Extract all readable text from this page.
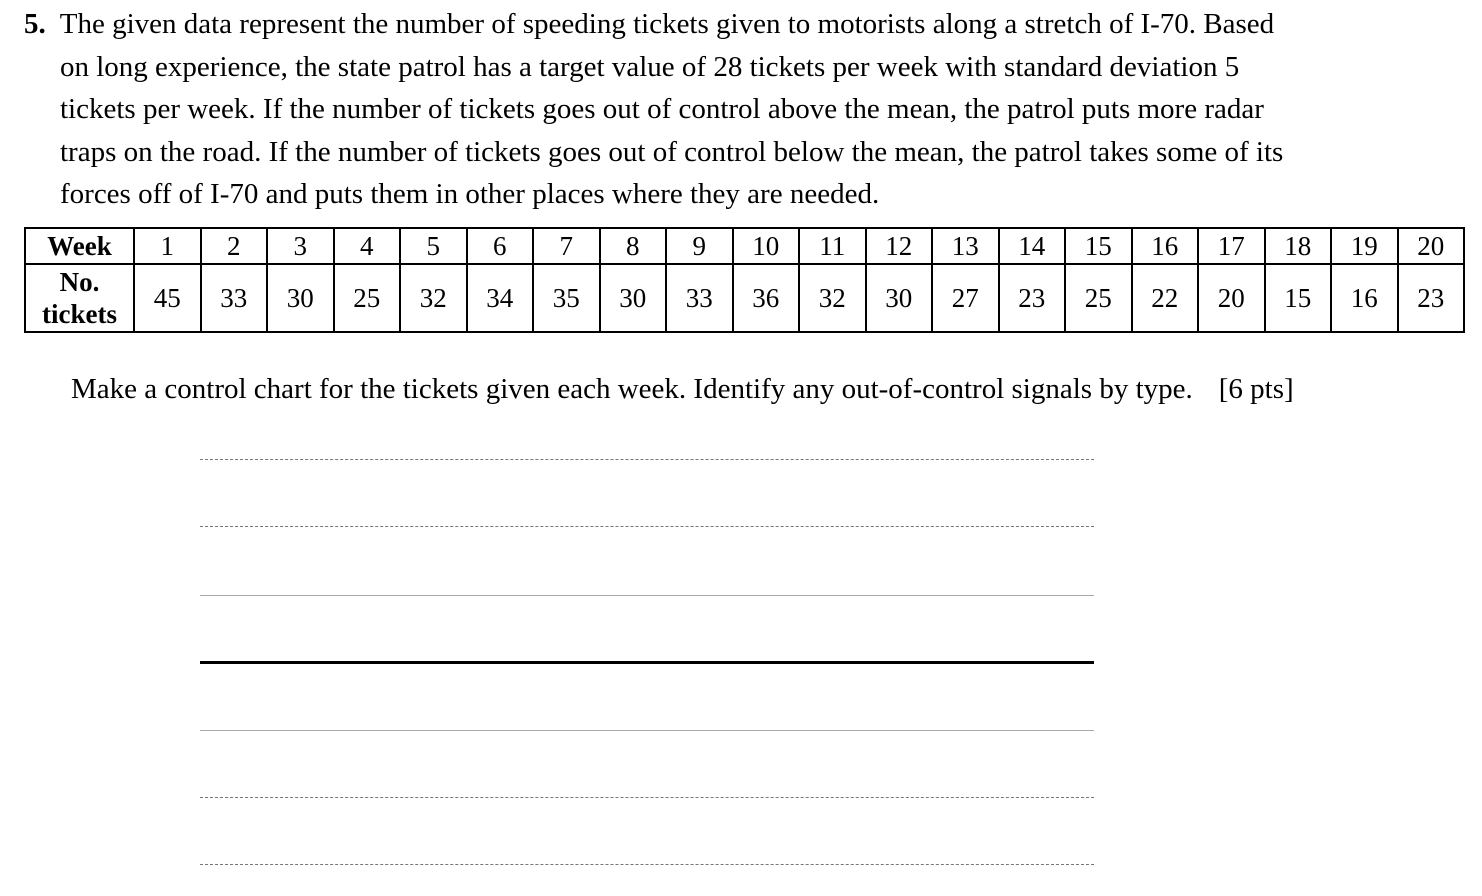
5. The given data represent the number of speeding tickets given to motorists along a stretch of I-70. Based
on long experience, the state patrol has a target value of 28 tickets per week with standard deviation 5
tickets per week. If the number of tickets goes out of control above the mean, the patrol puts more radar
traps on the road. If the number of tickets goes out of control below the mean, the patrol takes some of its
forces off of I-70 and puts them in other places where they are needed.
Week	1	2	3	4	5	6	7	8	9	10	11	12	13	14	15	16	17	18	19	20
No.
tickets	45	33	30	25	32	34	35	30	33	36	32	30	27	23	25	22	20	15	16	23
Make a control chart for the tickets given each week. Identify any out-of-control signals by type. [6 pts]
